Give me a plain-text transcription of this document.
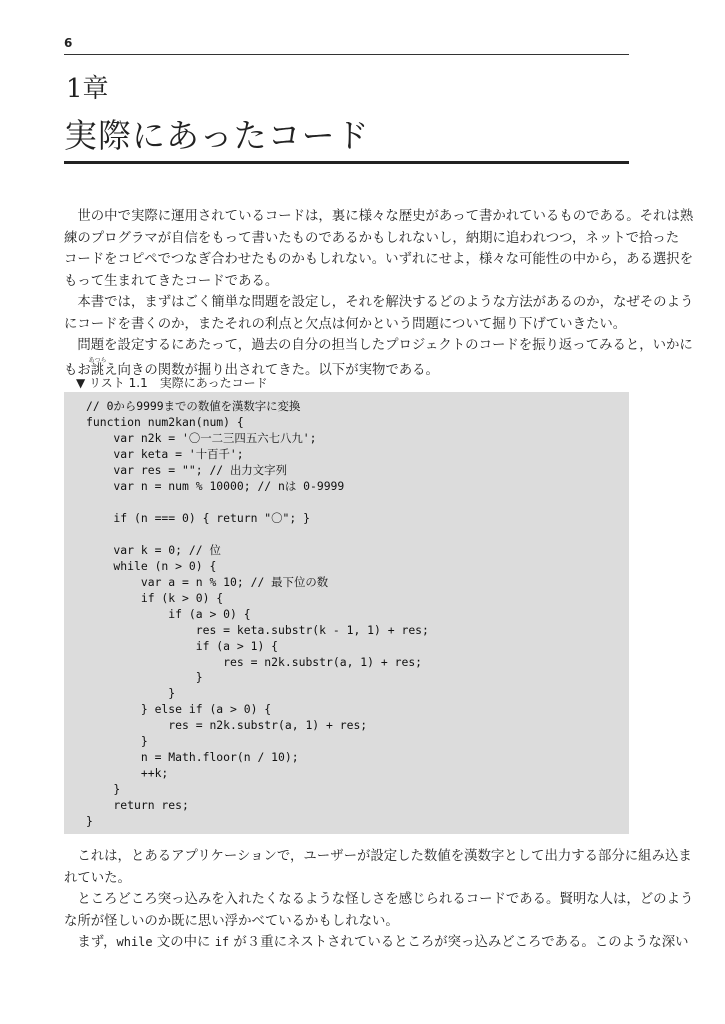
6
1章
実際にあったコード
世の中で実際に運用されているコードは，裏に様々な歴史があって書かれているものである。それは熟
練のプログラマが自信をもって書いたものであるかもしれないし，納期に追われつつ，ネットで拾った
コードをコピペでつなぎ合わせたものかもしれない。いずれにせよ，様々な可能性の中から，ある選択を
もって生まれてきたコードである。
本書では，まずはごく簡単な問題を設定し，それを解決するどのような方法があるのか，なぜそのよう
にコードを書くのか，またそれの利点と欠点は何かという問題について掘り下げていきたい。
問題を設定するにあたって，過去の自分の担当したプロジェクトのコードを振り返ってみると，いかに
もお誂あつらえ向きの関数が掘り出されてきた。以下が実物である。
▼ リスト 1.1　実際にあったコード
// 0から9999までの数値を漢数字に変換
function num2kan(num) {
var n2k = '〇一二三四五六七八九';
var keta = '十百千';
var res = ""; // 出力文字列
var n = num % 10000; // nは 0-9999
if (n === 0) { return "〇"; }
var k = 0; // 位
while (n > 0) {
var a = n % 10; // 最下位の数
if (k > 0) {
if (a > 0) {
res = keta.substr(k - 1, 1) + res;
if (a > 1) {
res = n2k.substr(a, 1) + res;
}
}
} else if (a > 0) {
res = n2k.substr(a, 1) + res;
}
n = Math.floor(n / 10);
++k;
}
return res;
}
これは，とあるアプリケーションで，ユーザーが設定した数値を漢数字として出力する部分に組み込ま
れていた。
ところどころ突っ込みを入れたくなるような怪しさを感じられるコードである。賢明な人は，どのよう
な所が怪しいのか既に思い浮かべているかもしれない。
まず，while 文の中に if が３重にネストされているところが突っ込みどころである。このような深い
